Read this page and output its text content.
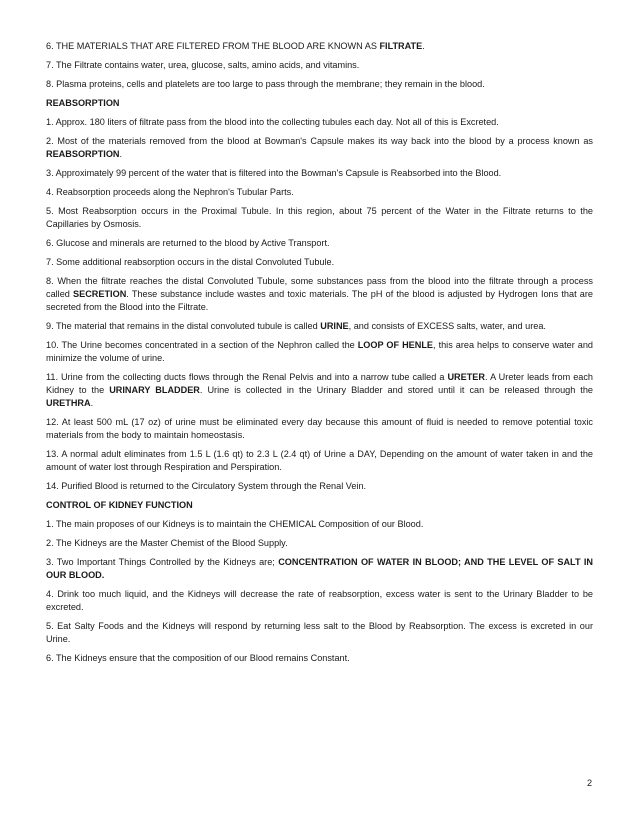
6. THE MATERIALS THAT ARE FILTERED FROM THE BLOOD ARE KNOWN AS FILTRATE.

7. The Filtrate contains water, urea, glucose, salts, amino acids, and vitamins.

8. Plasma proteins, cells and platelets are too large to pass through the membrane; they remain in the blood.

REABSORPTION

1. Approx. 180 liters of filtrate pass from the blood into the collecting tubules each day. Not all of this is Excreted.

2. Most of the materials removed from the blood at Bowman's Capsule makes its way back into the blood by a process known as REABSORPTION.

3. Approximately 99 percent of the water that is filtered into the Bowman's Capsule is Reabsorbed into the Blood.

4. Reabsorption proceeds along the Nephron's Tubular Parts.

5. Most Reabsorption occurs in the Proximal Tubule. In this region, about 75 percent of the Water in the Filtrate returns to the Capillaries by Osmosis.

6. Glucose and minerals are returned to the blood by Active Transport.

7. Some additional reabsorption occurs in the distal Convoluted Tubule.

8. When the filtrate reaches the distal Convoluted Tubule, some substances pass from the blood into the filtrate through a process called SECRETION. These substance include wastes and toxic materials. The pH of the blood is adjusted by Hydrogen Ions that are secreted from the Blood into the Filtrate.

9. The material that remains in the distal convoluted tubule is called URINE, and consists of EXCESS salts, water, and urea.

10. The Urine becomes concentrated in a section of the Nephron called the LOOP OF HENLE, this area helps to conserve water and minimize the volume of urine.

11. Urine from the collecting ducts flows through the Renal Pelvis and into a narrow tube called a URETER. A Ureter leads from each Kidney to the URINARY BLADDER. Urine is collected in the Urinary Bladder and stored until it can be released through the URETHRA.

12. At least 500 mL (17 oz) of urine must be eliminated every day because this amount of fluid is needed to remove potential toxic materials from the body to maintain homeostasis.

13. A normal adult eliminates from 1.5 L (1.6 qt) to 2.3 L (2.4 qt) of Urine a DAY, Depending on the amount of water taken in and the amount of water lost through Respiration and Perspiration.

14. Purified Blood is returned to the Circulatory System through the Renal Vein.

CONTROL OF KIDNEY FUNCTION

1. The main proposes of our Kidneys is to maintain the CHEMICAL Composition of our Blood.

2. The Kidneys are the Master Chemist of the Blood Supply.

3. Two Important Things Controlled by the Kidneys are; CONCENTRATION OF WATER IN BLOOD; AND THE LEVEL OF SALT IN OUR BLOOD.

4. Drink too much liquid, and the Kidneys will decrease the rate of reabsorption, excess water is sent to the Urinary Bladder to be excreted.

5. Eat Salty Foods and the Kidneys will respond by returning less salt to the Blood by Reabsorption. The excess is excreted in our Urine.

6. The Kidneys ensure that the composition of our Blood remains Constant.

2
